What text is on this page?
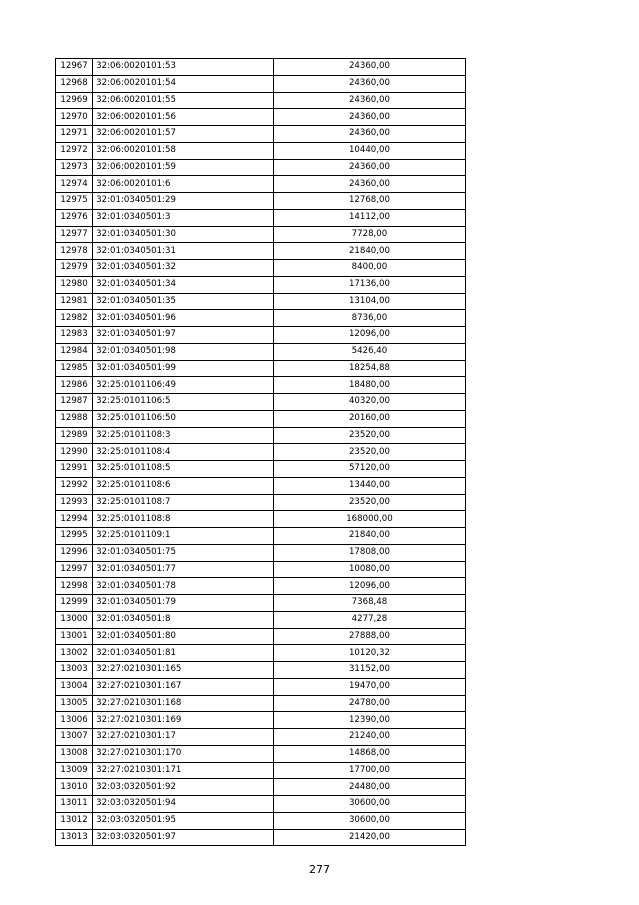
12967	32:06:0020101:53	24360,00
12968	32:06:0020101:54	24360,00
12969	32:06:0020101:55	24360,00
12970	32:06:0020101:56	24360,00
12971	32:06:0020101:57	24360,00
12972	32:06:0020101:58	10440,00
12973	32:06:0020101:59	24360,00
12974	32:06:0020101:6	24360,00
12975	32:01:0340501:29	12768,00
12976	32:01:0340501:3	14112,00
12977	32:01:0340501:30	7728,00
12978	32:01:0340501:31	21840,00
12979	32:01:0340501:32	8400,00
12980	32:01:0340501:34	17136,00
12981	32:01:0340501:35	13104,00
12982	32:01:0340501:96	8736,00
12983	32:01:0340501:97	12096,00
12984	32:01:0340501:98	5426,40
12985	32:01:0340501:99	18254,88
12986	32:25:0101106:49	18480,00
12987	32:25:0101106:5	40320,00
12988	32:25:0101106:50	20160,00
12989	32:25:0101108:3	23520,00
12990	32:25:0101108:4	23520,00
12991	32:25:0101108:5	57120,00
12992	32:25:0101108:6	13440,00
12993	32:25:0101108:7	23520,00
12994	32:25:0101108:8	168000,00
12995	32:25:0101109:1	21840,00
12996	32:01:0340501:75	17808,00
12997	32:01:0340501:77	10080,00
12998	32:01:0340501:78	12096,00
12999	32:01:0340501:79	7368,48
13000	32:01:0340501:8	4277,28
13001	32:01:0340501:80	27888,00
13002	32:01:0340501:81	10120,32
13003	32:27:0210301:165	31152,00
13004	32:27:0210301:167	19470,00
13005	32:27:0210301:168	24780,00
13006	32:27:0210301:169	12390,00
13007	32:27:0210301:17	21240,00
13008	32:27:0210301:170	14868,00
13009	32:27:0210301:171	17700,00
13010	32:03:0320501:92	24480,00
13011	32:03:0320501:94	30600,00
13012	32:03:0320501:95	30600,00
13013	32:03:0320501:97	21420,00
277
